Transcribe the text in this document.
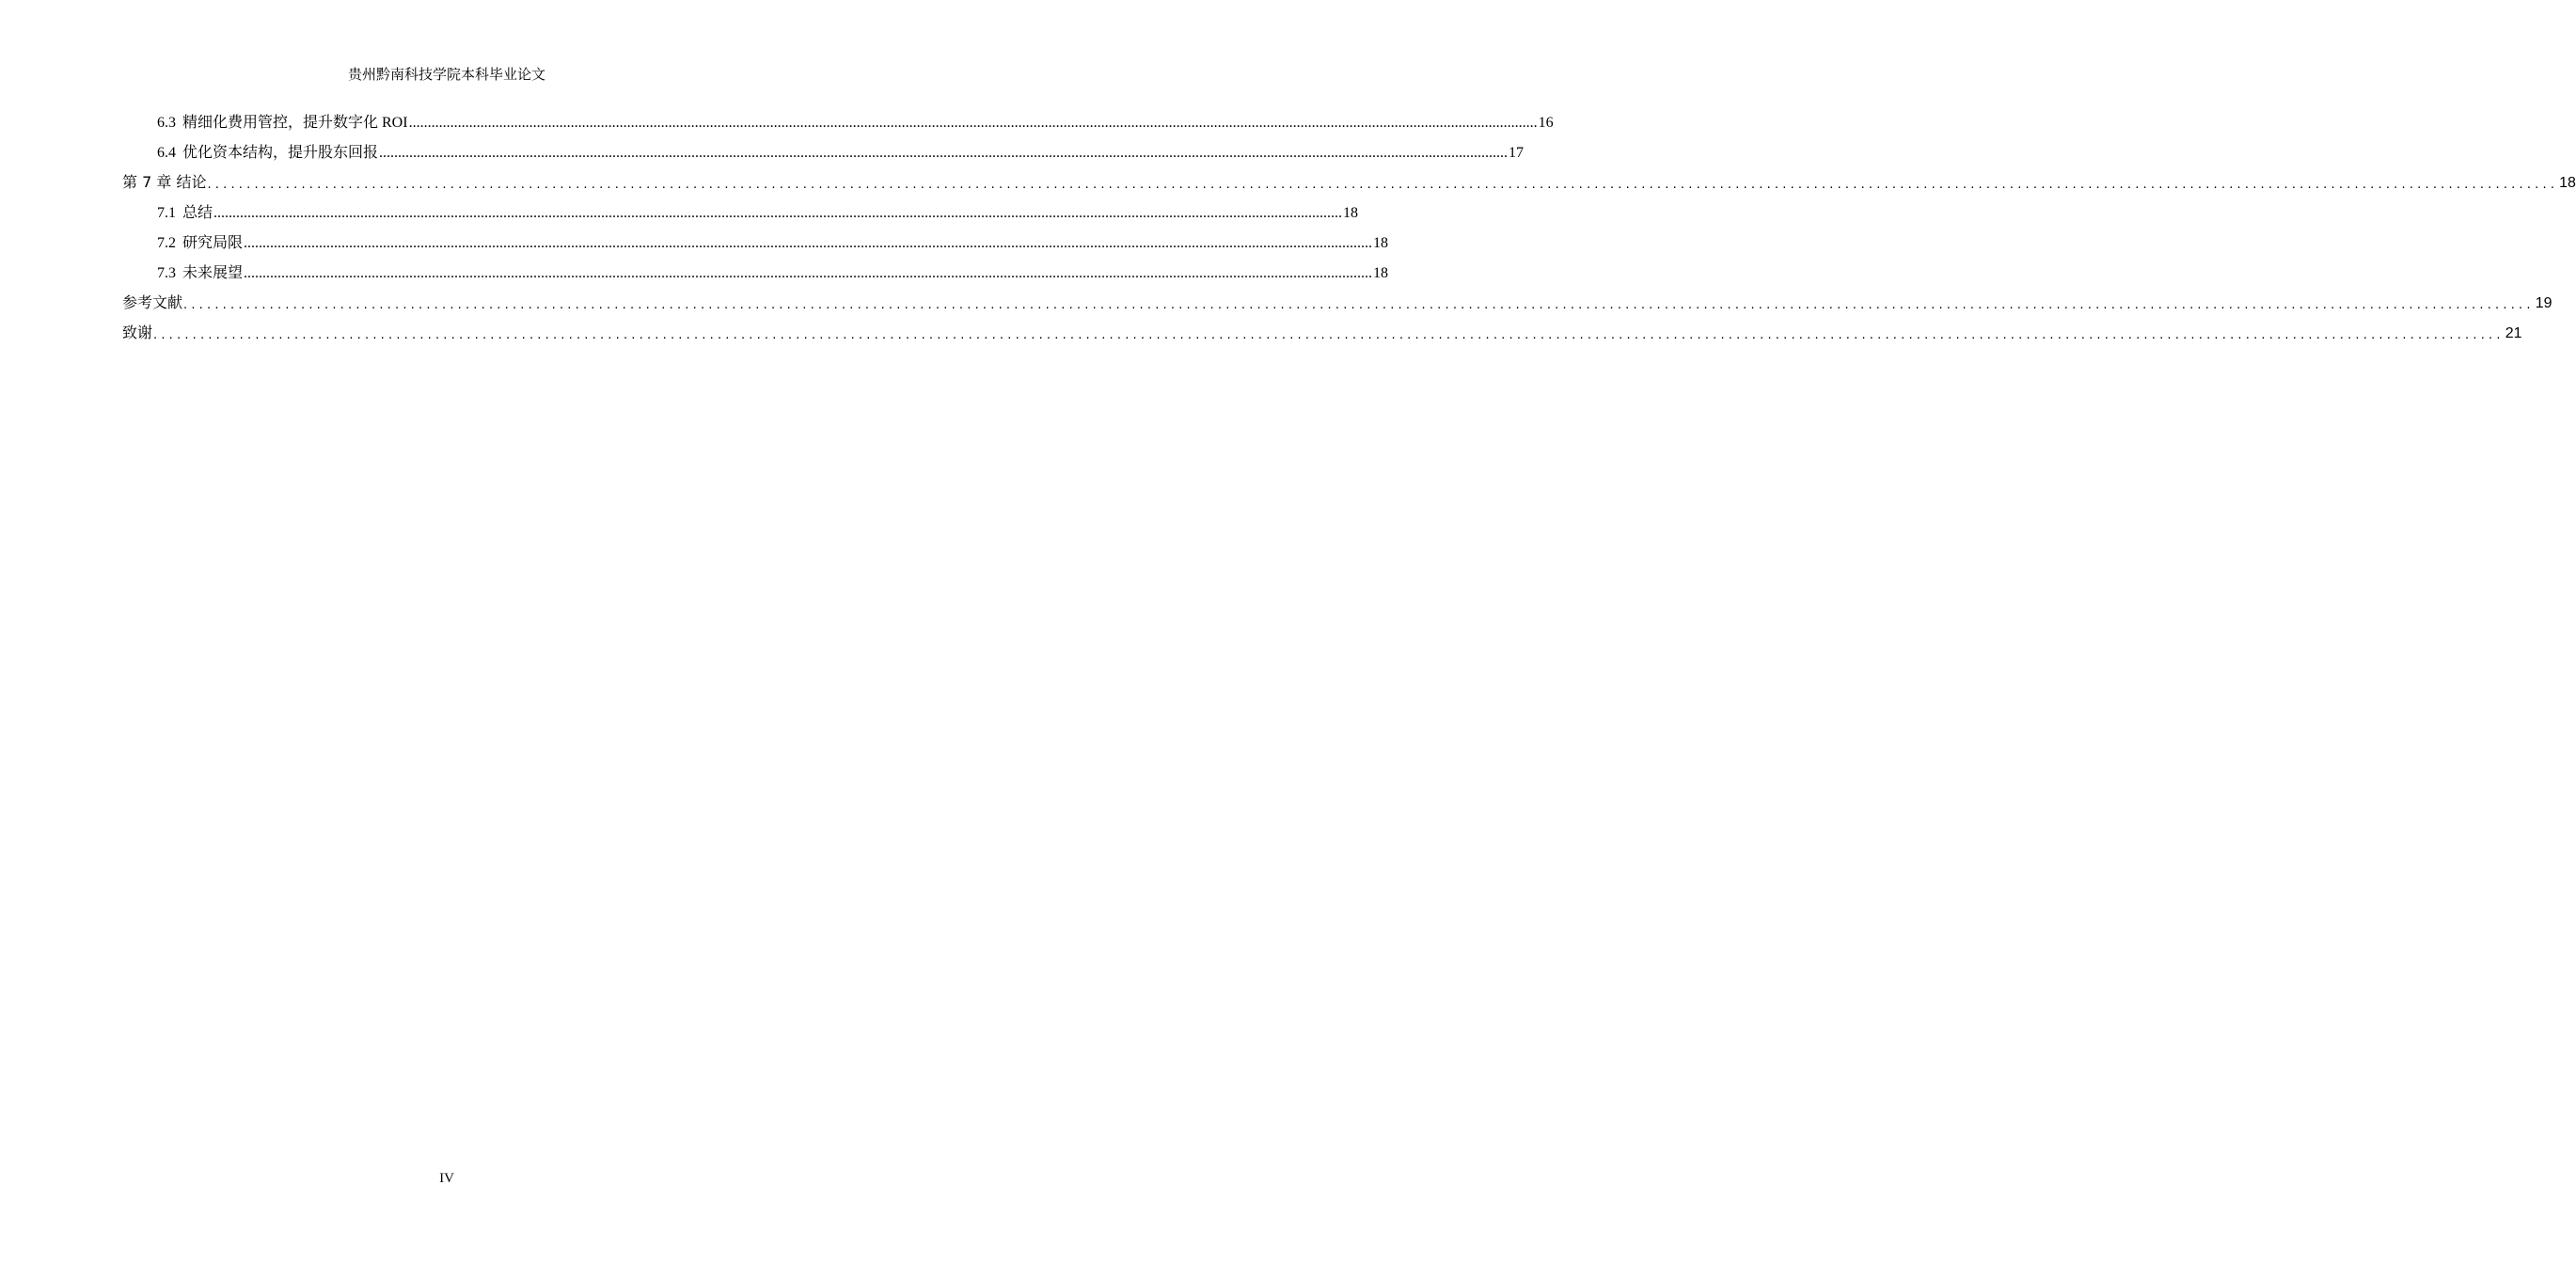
贵州黔南科技学院本科毕业论文
6.3 精细化费用管控，提升数字化 ROI ............................................................................................................................................................................................................................................................................................................ 16
6.4 优化资本结构，提升股东回报 ............................................................................................................................................................................................................................................................................................................ 17
第 7 章 结论 ............................................................................................................................................................................................................................................................................................................ 18
7.1 总结 ............................................................................................................................................................................................................................................................................................................ 18
7.2 研究局限 ............................................................................................................................................................................................................................................................................................................ 18
7.3 未来展望 ............................................................................................................................................................................................................................................................................................................ 18
参考文献 ............................................................................................................................................................................................................................................................................................................ 19
致谢 ............................................................................................................................................................................................................................................................................................................ 21
IV
